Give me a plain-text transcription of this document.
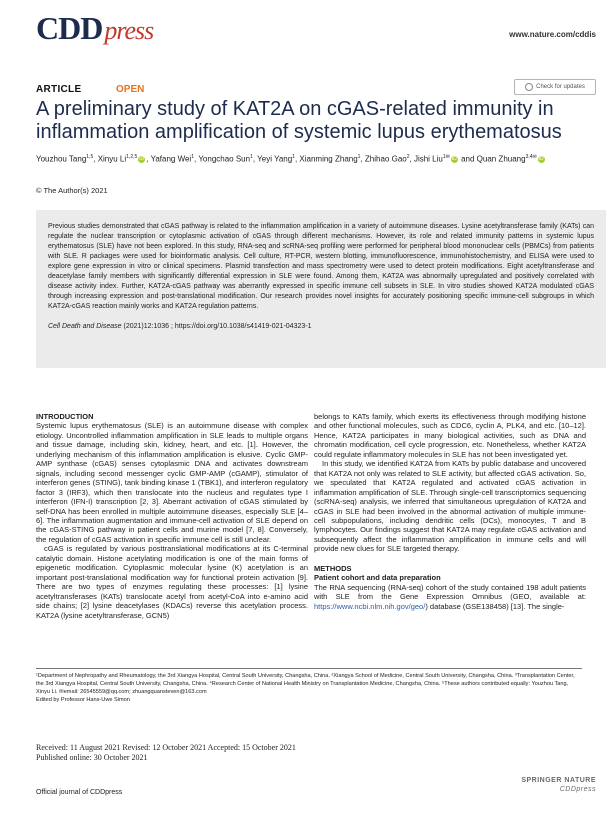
CDDpress	www.nature.com/cddis
ARTICLE	OPEN	Check for updates
A preliminary study of KAT2A on cGAS-related immunity in inflammation amplification of systemic lupus erythematosus
Youzhou Tang$^{1,5}$, Xinyu Li$^{1,2,5}$ iD , Yafang Wei$^1$, Yongchao Sun$^1$, Yeyi Yang$^1$, Xianming Zhang$^1$, Zhihao Gao$^2$, Jishi Liu$^{1✉}$ iD and Quan Zhuang$^{3,4✉}$ iD
© The Author(s) 2021
Previous studies demonstrated that cGAS pathway is related to the inflammation amplification in a variety of autoimmune diseases. Lysine acetyltransferase family (KATs) can regulate the nuclear transcription or cytoplasmic activation of cGAS through different mechanisms. However, its role and related immunity patterns in systemic lupus erythematosus (SLE) have not been explored. In this study, RNA-seq and scRNA-seq profiling were performed for peripheral blood mononuclear cells (PBMCs) from patients with SLE. R packages were used for bioinformatic analysis. Cell culture, RT-PCR, western blotting, immunofluorescence, immunohistochemistry, and ELISA were used to explore gene expression in vitro or clinical specimens. Plasmid transfection and mass spectrometry were used to detect protein modifications. Eight acetyltransferase and deacetylase family members with significantly differential expression in SLE were found. Among them, KAT2A was abnormally upregulated and positively correlated with disease activity index. Further, KAT2A-cGAS pathway was aberrantly expressed in specific immune cell subsets in SLE. In vitro studies showed KAT2A modulated cGAS through increasing expression and post-translational modification. Our research provides novel insights for accurately positioning specific immune-cell subgroups in which KAT2A-cGAS reaction mainly works and KAT2A regulation patterns.
Cell Death and Disease (2021)12:1036 ; https://doi.org/10.1038/s41419-021-04323-1
INTRODUCTION

Systemic lupus erythematosus (SLE) is an autoimmune disease with complex etiology. Uncontrolled inflammation amplification in SLE leads to multiple organs and tissue damage, including skin, kidney, heart, and etc. [1]. However, the underlying mechanism of this inflammation amplification is elusive. Cyclic GMP-AMP synthase (cGAS) senses cytoplasmic DNA and activates downstream signals, including second messenger cyclic GMP-AMP (cGAMP), stimulator of interferon genes (STING), tank binding kinase 1 (TBK1), and interferon regulatory factor 3 (IRF3), which then translocate into the nucleus and regulates type I interferon (IFN-I) transcription [2, 3]. Aberrant activation of cGAS stimulated by self-DNA has been enrolled in multiple autoimmune diseases, especially SLE [4–6]. The inflammation augmentation and immune-cell activation of SLE depend on the cGAS-STING pathway in patient cells and murine model [7, 8]. Conversely, the regulation of cGAS activation in specific immune cell is still unclear.

cGAS is regulated by various posttranslational modifications at its C-terminal catalytic domain. Histone acetylating modification is one of the main forms of epigenetic modification. Cytoplasmic molecular lysine (K) acetylation is an important post-translational modification way for functional protein activation [9]. There are two types of enzymes regulating these processes: [1] lysine acetyltransferases (KATs) translocate acetyl from acetyl-CoA into e-amino acid side chains; [2] lysine deacetylases (KDACs) reverse this acetylation process. KAT2A (lysine acetyltransferase, GCN5)

belongs to KATs family, which exerts its effectiveness through modifying histone and other functional molecules, such as CDC6, cyclin A, PLK4, and etc. [10–12]. Hence, KAT2A participates in many biological activities, such as DNA and chromatin modification, cell cycle progression, etc. Nonetheless, whether KAT2A could regulate inflammatory molecules in SLE has not been investigated yet.

In this study, we identified KAT2A from KATs by public database and uncovered that KAT2A not only was related to SLE activity, but affected cGAS activation. So, we speculated that KAT2A regulated and activated cGAS activation in inflammation amplification of SLE. Through single-cell transcriptomics sequencing (scRNA-seq) analysis, we inferred that simultaneous upregulation of KAT2A and cGAS in SLE had been involved in the abnormal activation of multiple immune-cell subpopulations, including dendritic cells (DCs), monocytes, T and B lymphocytes. Our findings suggest that KAT2A may regulate cGAS activation and subsequently affect the inflammation amplification in immune cells and will provide new clues for SLE targeted therapy.

METHODS
Patient cohort and data preparation

The RNA sequencing (RNA-seq) cohort of the study contained 198 adult patients with SLE from the Gene Expression Omnibus (GEO, available at: https://www.ncbi.nlm.nih.gov/geo/) database (GSE138458) [13]. The single-

¹Department of Nephropathy and Rheumatology, the 3rd Xiangya Hospital, Central South University, Changsha, China. ²Xiangya School of Medicine, Central South University, Changsha, China. ³Transplantation Center, the 3rd Xiangya Hospital, Central South University, Changsha, China. ⁴Research Center of National Health Ministry on Transplantation Medicine, Changsha, China. ⁵These authors contributed equally: Youzhou Tang, Xinyu Li. ✉email: 26545559@qq.com; zhuangquansteven@163.com
Edited by Professor Hans-Uwe Simon
Received: 11 August 2021 Revised: 12 October 2021 Accepted: 15 October 2021
Published online: 30 October 2021
Official journal of CDDpress
SPRINGER NATURE
CDDpress
